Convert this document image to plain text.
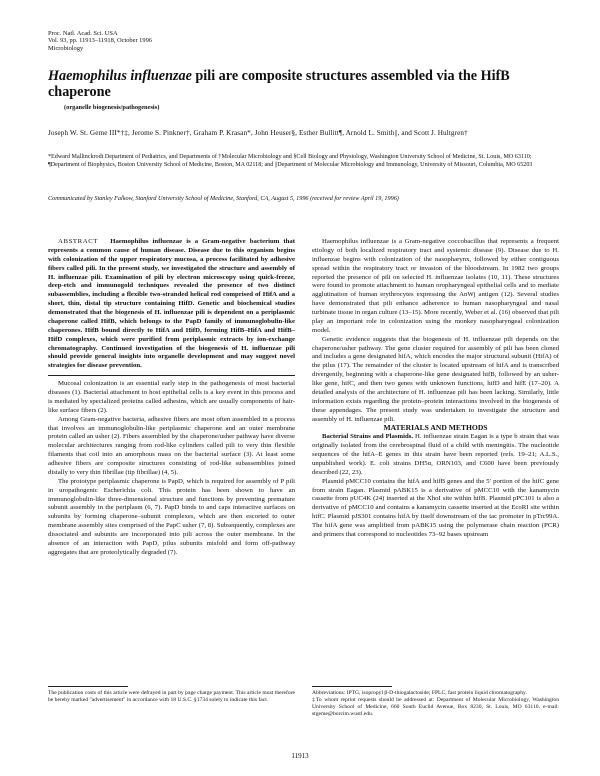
Proc. Natl. Acad. Sci. USA
Vol. 93, pp. 11913–11918, October 1996
Microbiology
Haemophilus influenzae pili are composite structures assembled via the HifB chaperone
(organelle biogenesis/pathogenesis)
Joseph W. St. Geme III*†‡, Jerome S. Pinkner†, Graham P. Krasan*, John Heuser§, Esther Bullitt¶, Arnold L. Smith||, and Scott J. Hultgren†
*Edward Mallinckrodt Department of Pediatrics, and Departments of †Molecular Microbiology and §Cell Biology and Physiology, Washington University School of Medicine, St. Louis, MO 63110; ¶Department of Biophysics, Boston University School of Medicine, Boston, MA 02118; and ||Department of Molecular Microbiology and Immunology, University of Missouri, Columbia, MO 65203
Communicated by Stanley Falkow, Stanford University School of Medicine, Stanford, CA, August 5, 1996 (received for review April 19, 1996)

ABSTRACT Haemophilus influenzae is a Gram-negative bacterium that represents a common cause of human disease. Disease due to this organism begins with colonization of the upper respiratory mucosa, a process facilitated by adhesive fibers called pili. In the present study, we investigated the structure and assembly of H. influenzae pili. Examination of pili by electron microscopy using quick-freeze, deep-etch and immunogold techniques revealed the presence of two distinct subassemblies, including a flexible two-stranded helical rod comprised of HifA and a short, thin, distal tip structure containing HifD. Genetic and biochemical studies demonstrated that the biogenesis of H. influenzae pili is dependent on a periplasmic chaperone called HifB, which belongs to the PapD family of immunoglobulin-like chaperones. HifB bound directly to HifA and HifD, forming HifB–HifA and HifB–HifD complexes, which were purified from periplasmic extracts by ion-exchange chromatography. Continued investigation of the biogenesis of H. influenzae pili should provide general insights into organelle development and may suggest novel strategies for disease prevention.

Mucosal colonization is an essential early step in the pathogenesis of most bacterial diseases (1). Bacterial attachment to host epithelial cells is a key event in this process and is mediated by specialized proteins called adhesins, which are usually components of hair-like surface fibers (2).

Among Gram-negative bacteria, adhesive fibers are most often assembled in a process that involves an immunoglobulin-like periplasmic chaperone and an outer membrane protein called an usher (2). Fibers assembled by the chaperone/usher pathway have diverse molecular architectures ranging from rod-like cylinders called pili to very thin flexible filaments that coil into an amorphous mass on the bacterial surface (3). At least some adhesive fibers are composite structures consisting of rod-like subassemblies joined distally to very thin fibrillae (tip fibrillae) (4, 5).

The prototype periplasmic chaperone is PapD, which is required for assembly of P pili in uropathogenic Escherichia coli. This protein has been shown to have an immunoglobulin-like three-dimensional structure and functions by preventing premature subunit assembly in the periplasm (6, 7). PapD binds to and caps interactive surfaces on subunits by forming chaperone–subunit complexes, which are then escorted to outer membrane assembly sites comprised of the PapC usher (7, 8). Subsequently, complexes are dissociated and subunits are incorporated into pili across the outer membrane. In the absence of an interaction with PapD, pilus subunits misfold and form off-pathway aggregates that are proteolytically degraded (7).

Haemophilus influenzae is a Gram-negative coccobacillus that represents a frequent etiology of both localized respiratory tract and systemic disease (9). Disease due to H. influenzae begins with colonization of the nasopharynx, followed by either contiguous spread within the respiratory tract or invasion of the bloodstream. In 1982 two groups reported the presence of pili on selected H. influenzae isolates (10, 11). These structures were found to promote attachment to human oropharyngeal epithelial cells and to mediate agglutination of human erythrocytes expressing the AnWj antigen (12). Several studies have demonstrated that pili enhance adherence to human nasopharyngeal and nasal turbinate tissue in organ culture (13–15). More recently, Weber et al. (16) observed that pili play an important role in colonization using the monkey nasopharyngeal colonization model.

Genetic evidence suggests that the biogenesis of H. influenzae pili depends on the chaperone/usher pathway. The gene cluster required for assembly of pili has been cloned and includes a gene designated hifA, which encodes the major structural subunit (HifA) of the pilus (17). The remainder of the cluster is located upstream of hifA and is transcribed divergently, beginning with a chaperone-like gene designated hifB, followed by an usher-like gene, hifC, and then two genes with unknown functions, hifD and hifE (17–20). A detailed analysis of the architecture of H. influenzae pili has been lacking. Similarly, little information exists regarding the protein–protein interactions involved in the biogenesis of these appendages. The present study was undertaken to investigate the structure and assembly of H. influenzae pili.

MATERIALS AND METHODS

Bacterial Strains and Plasmids. H. influenzae strain Eagan is a type b strain that was originally isolated from the cerebrospinal fluid of a child with meningitis. The nucleotide sequences of the hifA–E genes in this strain have been reported (refs. 19–21; A.L.S., unpublished work). E. coli strains DH5α, ORN103, and C600 have been previously described (22, 23).

Plasmid pMCC10 contains the hifA and hifB genes and the 5′ portion of the hifC gene from strain Eagan. Plasmid pABK15 is a derivative of pMCC10 with the kanamycin cassette from pUC4K (24) inserted at the XhoI site within hifB. Plasmid pPC101 is also a derivative of pMCC10 and contains a kanamycin cassette inserted at the EcoRI site within hifC. Plasmid pJS301 contains hifA by itself downstream of the tac promoter in pTrc99A. The hifA gene was amplified from pABK15 using the polymerase chain reaction (PCR) and primers that correspond to nucleotides 73–92 bases upstream

The publication costs of this article were defrayed in part by page charge payment. This article must therefore be hereby marked "advertisement" in accordance with 18 U.S.C. §1734 solely to indicate this fact.
Abbreviations: IPTG, isopropyl β-D-thiogalactoside; FPLC, fast protein liquid chromatography.
‡To whom reprint requests should be addressed at: Department of Molecular Microbiology, Washington University School of Medicine, 660 South Euclid Avenue, Box 8230, St. Louis, MO 63110. e-mail: stgeme@borcim.wustl.edu.
11913
